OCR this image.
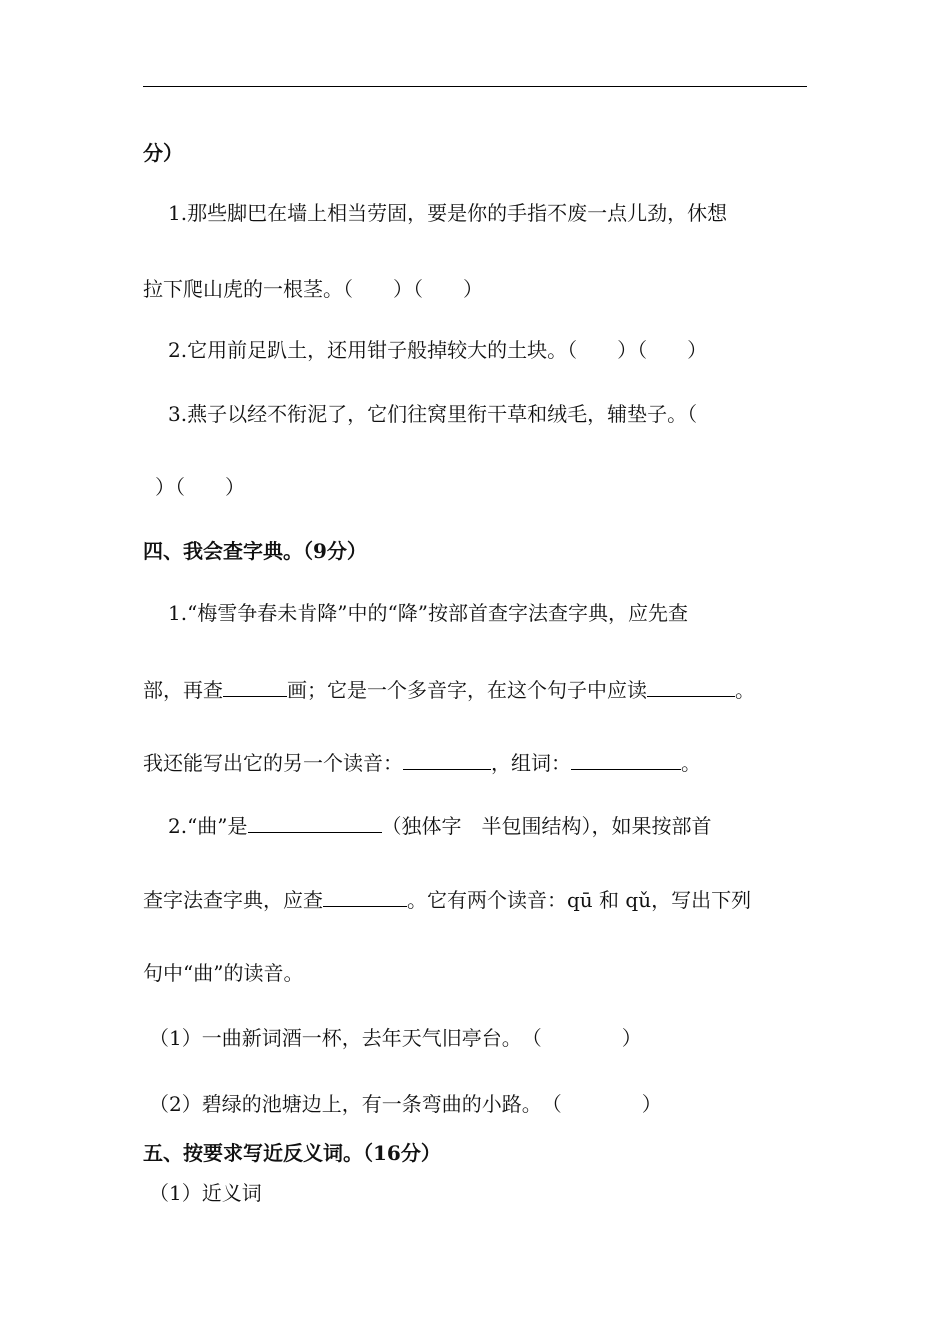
分）
1.那些脚巴在墙上相当劳固，要是你的手指不废一点儿劲，休想
拉下爬山虎的一根茎。（　　）（　　）
2.它用前足趴土，还用钳子般掉较大的土块。（　　）（　　）
3.燕子以经不衔泥了，它们往窝里衔干草和绒毛，辅垫子。（
）（　　）
四、我会查字典。（9分）
1.“梅雪争春未肯降”中的“降”按部首查字法查字典，应先查
部，再查	画；它是一个多音字，在这个句子中应读	。
我还能写出它的另一个读音：	，组词：	。
2.“曲”是	（独体字　半包围结构），如果按部首
查字法查字典，应查	。它有两个读音：qū 和 qǔ，写出下列
句中“曲”的读音。
（1）一曲新词酒一杯，去年天气旧亭台。　（　　　　）
（2）碧绿的池塘边上，有一条弯曲的小路。　（　　　　）
五、按要求写近反义词。（16分）
（1）近义词
